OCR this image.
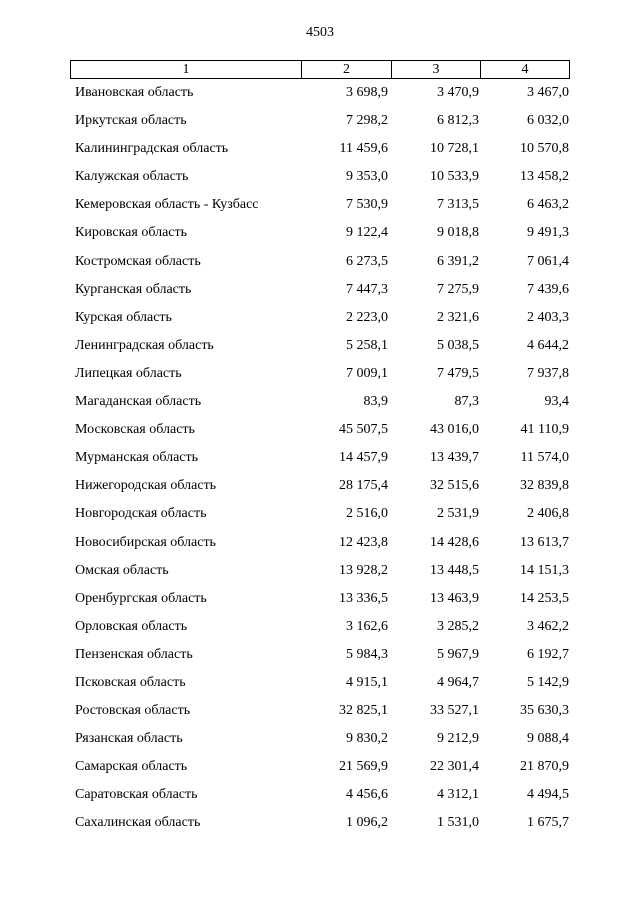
4503
1	2	3	4
Ивановская область	3 698,9	3 470,9	3 467,0
Иркутская область	7 298,2	6 812,3	6 032,0
Калининградская область	11 459,6	10 728,1	10 570,8
Калужская область	9 353,0	10 533,9	13 458,2
Кемеровская область - Кузбасс	7 530,9	7 313,5	6 463,2
Кировская область	9 122,4	9 018,8	9 491,3
Костромская область	6 273,5	6 391,2	7 061,4
Курганская область	7 447,3	7 275,9	7 439,6
Курская область	2 223,0	2 321,6	2 403,3
Ленинградская область	5 258,1	5 038,5	4 644,2
Липецкая область	7 009,1	7 479,5	7 937,8
Магаданская область	83,9	87,3	93,4
Московская область	45 507,5	43 016,0	41 110,9
Мурманская область	14 457,9	13 439,7	11 574,0
Нижегородская область	28 175,4	32 515,6	32 839,8
Новгородская область	2 516,0	2 531,9	2 406,8
Новосибирская область	12 423,8	14 428,6	13 613,7
Омская область	13 928,2	13 448,5	14 151,3
Оренбургская область	13 336,5	13 463,9	14 253,5
Орловская область	3 162,6	3 285,2	3 462,2
Пензенская область	5 984,3	5 967,9	6 192,7
Псковская область	4 915,1	4 964,7	5 142,9
Ростовская область	32 825,1	33 527,1	35 630,3
Рязанская область	9 830,2	9 212,9	9 088,4
Самарская область	21 569,9	22 301,4	21 870,9
Саратовская область	4 456,6	4 312,1	4 494,5
Сахалинская область	1 096,2	1 531,0	1 675,7
